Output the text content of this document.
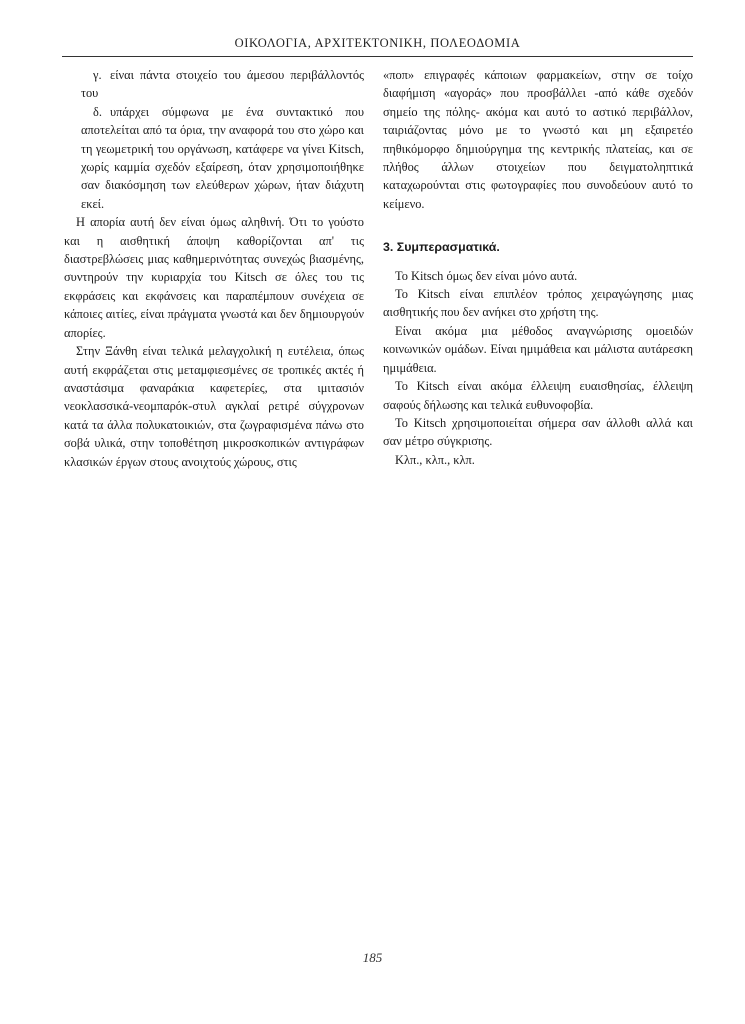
ΟΙΚΟΛΟΓΙΑ, ΑΡΧΙΤΕΚΤΟΝΙΚΗ, ΠΟΛΕΟΔΟΜΙΑ

γ. είναι πάντα στοιχείο του άμεσου περιβάλλοντός του

δ. υπάρχει σύμφωνα με ένα συντακτικό που αποτελείται από τα όρια, την αναφορά του στο χώρο και τη γεωμετρική του οργάνωση, κατάφερε να γίνει Kitsch, χωρίς καμμία σχεδόν εξαίρεση, όταν χρησιμοποιήθηκε σαν διακόσμηση των ελεύθερων χώρων, ήταν διάχυτη εκεί.

Η απορία αυτή δεν είναι όμως αληθινή. Ότι το γούστο και η αισθητική άποψη καθορίζονται απ' τις διαστρεβλώσεις μιας καθημερινότητας συνεχώς βιασμένης, συντηρούν την κυριαρχία του Kitsch σε όλες του τις εκφράσεις και εκφάνσεις και παραπέμπουν συνέχεια σε κάποιες αιτίες, είναι πράγματα γνωστά και δεν δημιουργούν απορίες.

Στην Ξάνθη είναι τελικά μελαγχολική η ευτέλεια, όπως αυτή εκφράζεται στις μεταμφιεσμένες σε τροπικές ακτές ή αναστάσιμα φαναράκια καφετερίες, στα ιμιτασιόν νεοκλασσικά-νεομπαρόκ-στυλ αγκλαί ρετιρέ σύγχρονων κατά τα άλλα πολυκατοικιών, στα ζωγραφισμένα πάνω στο σοβά υλικά, στην τοποθέτηση μικροσκοπικών αντιγράφων κλασικών έργων στους ανοιχτούς χώρους, στις

«ποπ» επιγραφές κάποιων φαρμακείων, στην σε τοίχο διαφήμιση «αγοράς» που προσβάλλει -από κάθε σχεδόν σημείο της πόλης- ακόμα και αυτό το αστικό περιβάλλον, ταιριάζοντας μόνο με το γνωστό και μη εξαιρετέο πηθικόμορφο δημιούργημα της κεντρικής πλατείας, και σε πλήθος άλλων στοιχείων που δειγματοληπτικά καταχωρούνται στις φωτογραφίες που συνοδεύουν αυτό το κείμενο.

3. Συμπερασματικά.

Το Kitsch όμως δεν είναι μόνο αυτά.

Το Kitsch είναι επιπλέον τρόπος χειραγώγησης μιας αισθητικής που δεν ανήκει στο χρήστη της.

Είναι ακόμα μια μέθοδος αναγνώρισης ομοειδών κοινωνικών ομάδων. Είναι ημιμάθεια και μάλιστα αυτάρεσκη ημιμάθεια.

Το Kitsch είναι ακόμα έλλειψη ευαισθησίας, έλλειψη σαφούς δήλωσης και τελικά ευθυνοφοβία.

Το Kitsch χρησιμοποιείται σήμερα σαν άλλοθι αλλά και σαν μέτρο σύγκρισης.

Κλπ., κλπ., κλπ.

185
